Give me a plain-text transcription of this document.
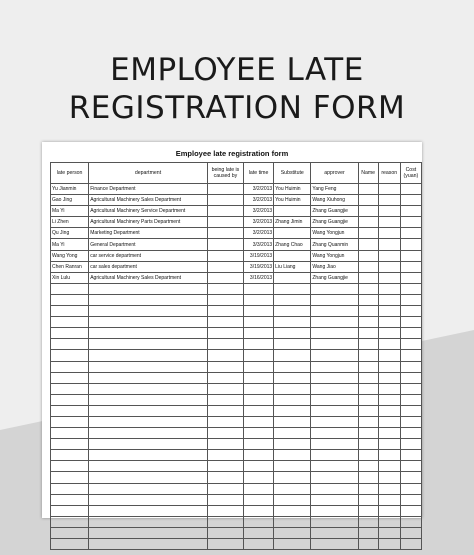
EMPLOYEE LATE
REGISTRATION FORM
Employee late registration form
late person	department	being late is caused by	late time	Substitute	approver	Name	reason	Cost (yuan)
Yu Jianmin	Finance Department		3/2/2013	You Huimin	Yang Feng			
Gao Jing	Agricultural Machinery Sales Department		3/2/2013	You Huimin	Wang Xiuhong			
Ma Yi	Agricultural Machinery Service Department		3/2/2013		Zhang Guangjie			
Li Zhen	Agricultural Machinery Parts Department		3/2/2013	Zhang Jimin	Zhang Guangjie			
Qu Jing	Marketing Department		3/2/2013		Wang Yongjun			
Ma Yi	General Department		3/3/2013	Zhang Chao	Zhang Quanmin			
Wang Yong	car service department		3/19/2013		Wang Yongjun			
Chen Ranran	car sales department		3/19/2013	Liu Liang	Wang Jiao			
Xin Lulu	Agricultural Machinery Sales Department		3/16/2013		Zhang Guangjie			
